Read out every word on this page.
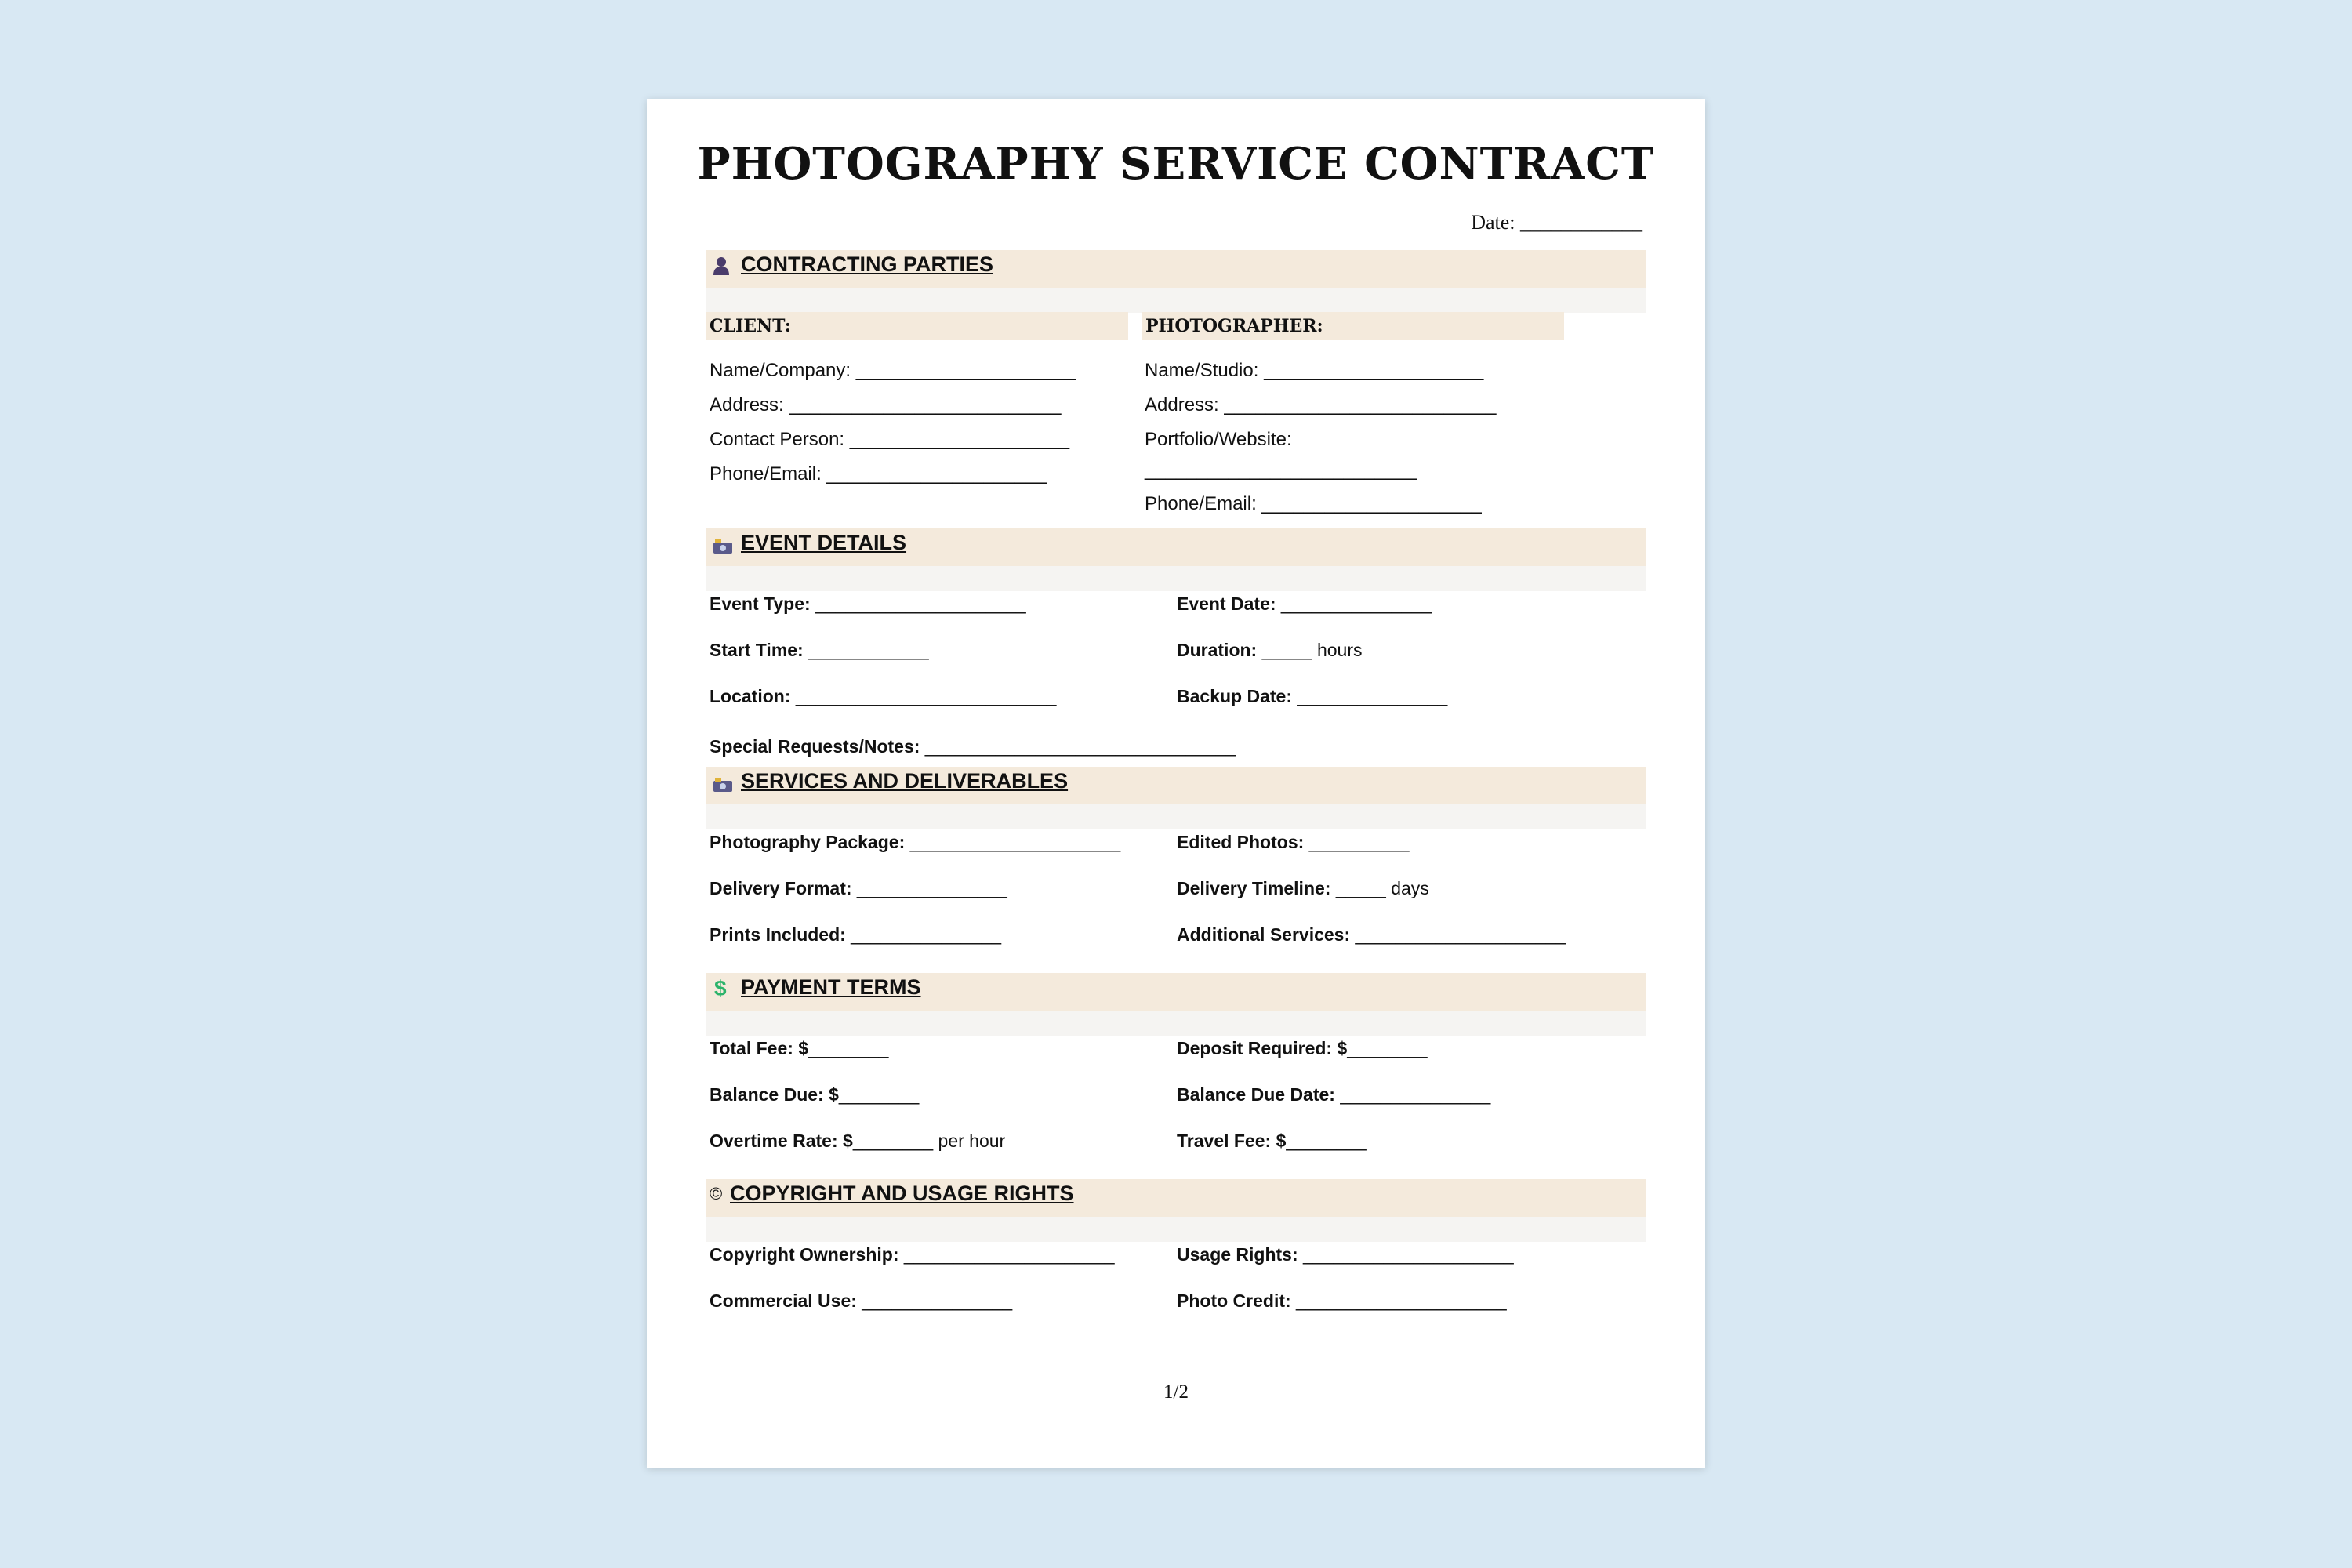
PHOTOGRAPHY SERVICE CONTRACT
Date: ____________
CONTRACTING PARTIES
CLIENT:	PHOTOGRAPHER:
Name/Company: _____________________
Address: __________________________
Contact Person: _____________________
Phone/Email: _____________________
Name/Studio: _____________________
Address: __________________________
Portfolio/Website:
__________________________
Phone/Email: _____________________
EVENT DETAILS
Event Type: _____________________	Event Date: _______________
Start Time: ____________	Duration: _____ hours
Location: __________________________	Backup Date: _______________
Special Requests/Notes: _______________________________
SERVICES AND DELIVERABLES
Photography Package: _____________________	Edited Photos: __________
Delivery Format: _______________	Delivery Timeline: _____ days
Prints Included: _______________	Additional Services: _____________________
$ PAYMENT TERMS
Total Fee: $________	Deposit Required: $________
Balance Due: $________	Balance Due Date: _______________
Overtime Rate: $________ per hour	Travel Fee: $________
© COPYRIGHT AND USAGE RIGHTS
Copyright Ownership: _____________________	Usage Rights: _____________________
Commercial Use: _______________	Photo Credit: _____________________
1/2
